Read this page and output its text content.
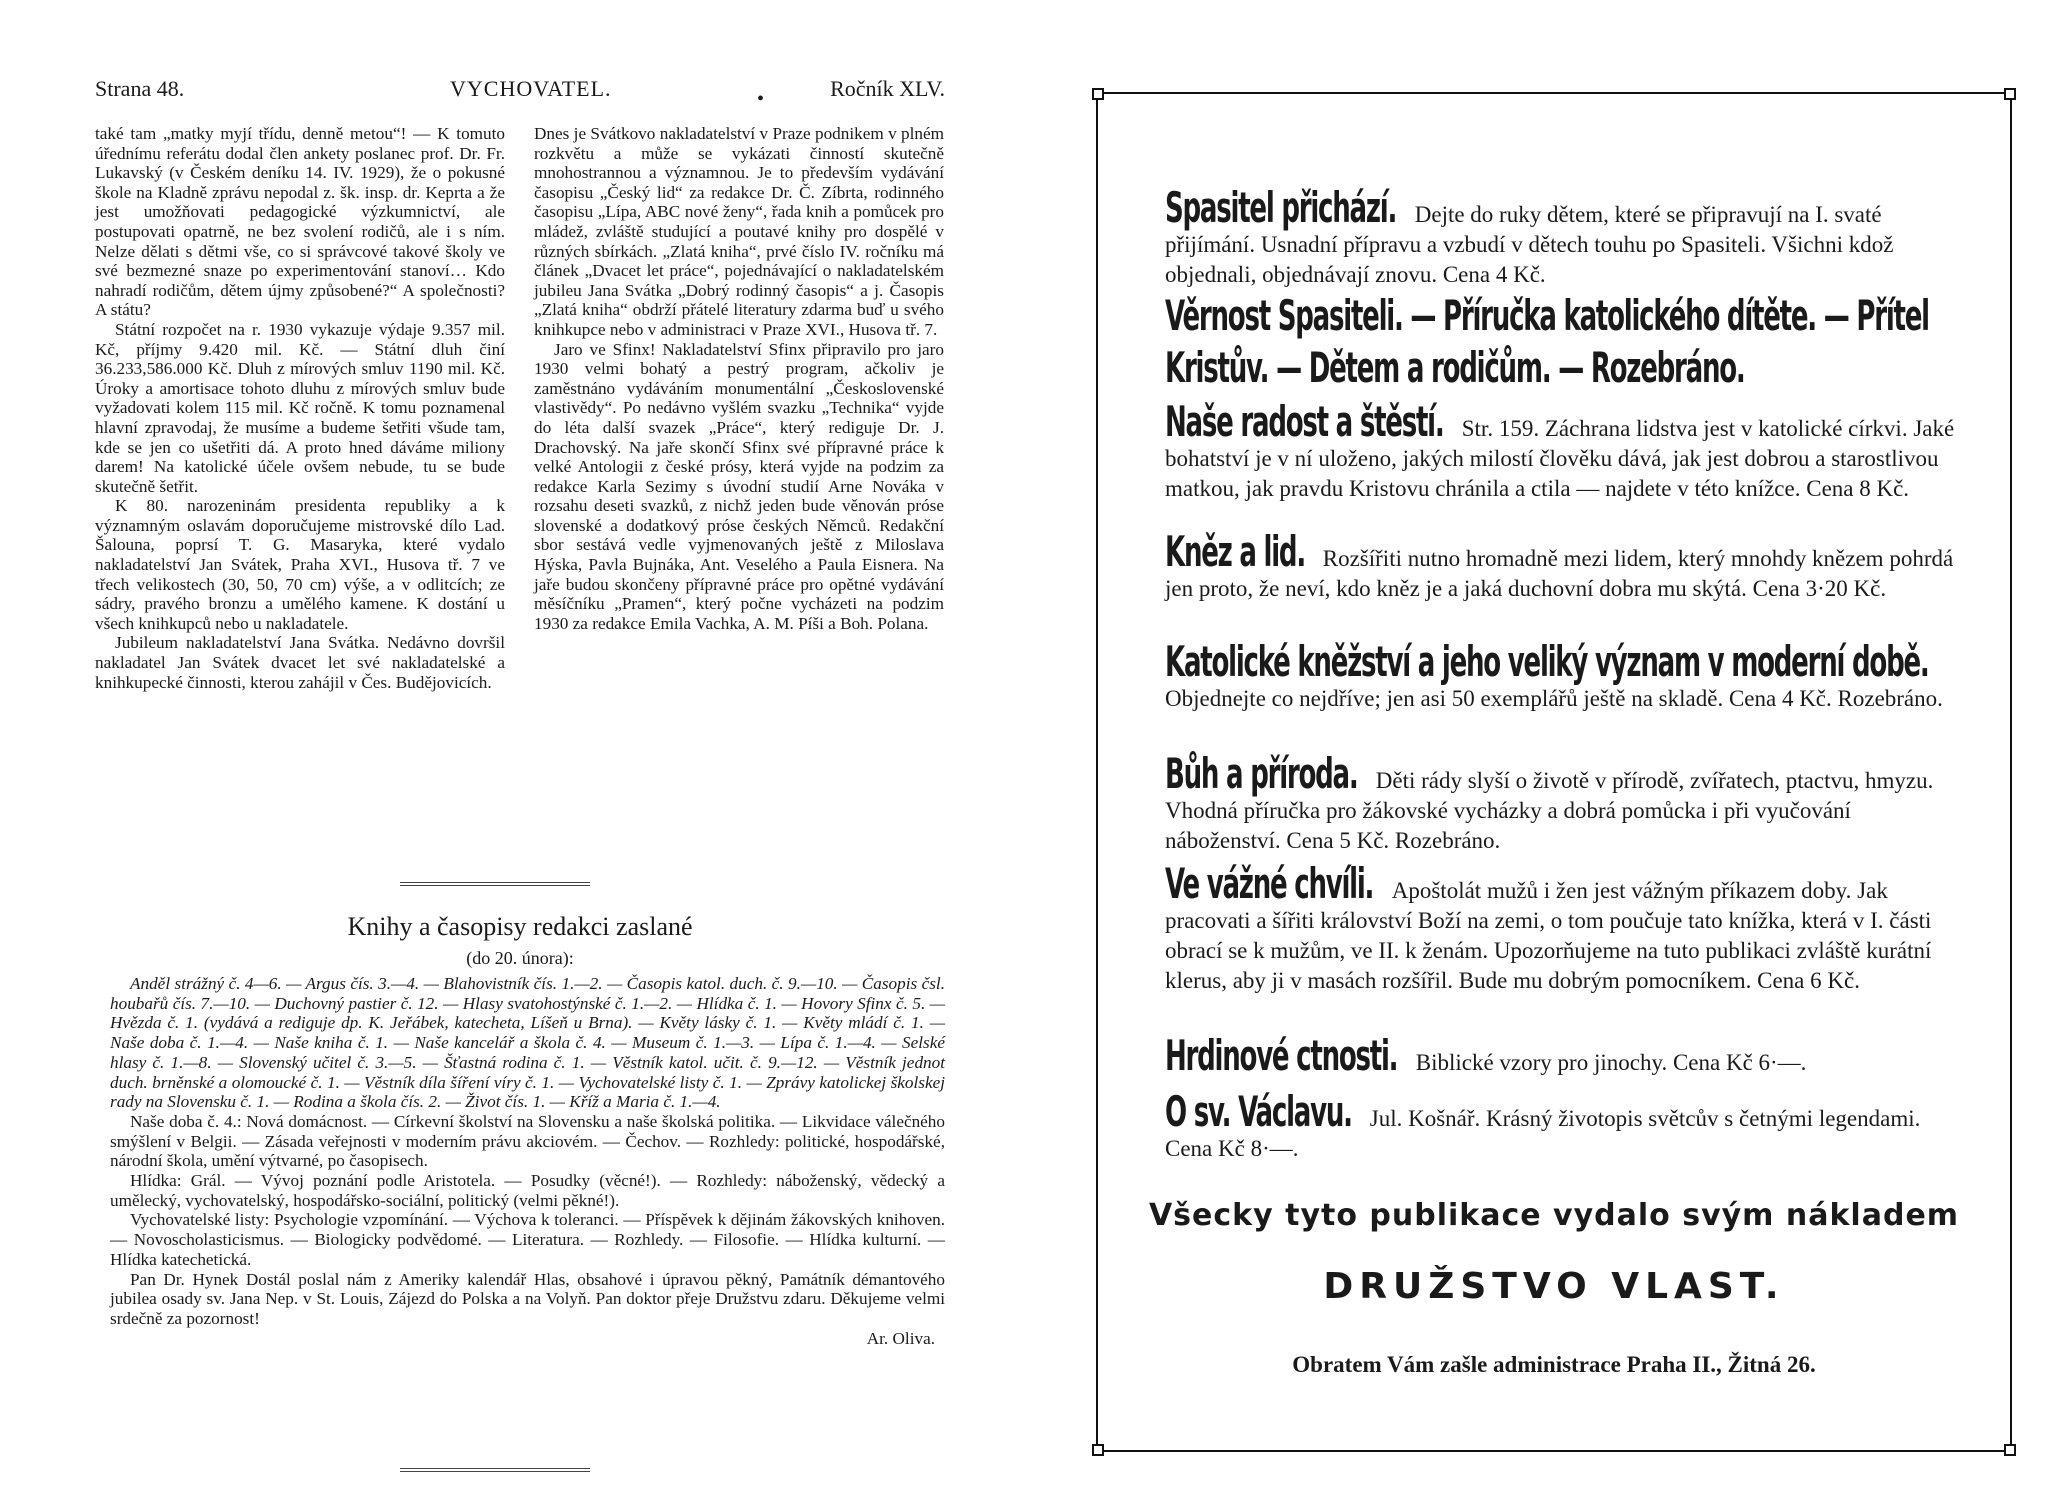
Strana 48.	VYCHOVATEL.	•	Ročník XLV.

také tam „matky myjí třídu, denně metou“! — K tomuto úřednímu referátu dodal člen ankety poslanec prof. Dr. Fr. Lukavský (v Českém deníku 14. IV. 1929), že o pokusné škole na Kladně zprávu nepodal z. šk. insp. dr. Keprta a že jest umožňovati pedagogické výzkumnictví, ale postupovati opatrně, ne bez svolení rodičů, ale i s ním. Nelze dělati s dětmi vše, co si správcové takové školy ve své bezmezné snaze po experimentování stanoví… Kdo nahradí rodičům, dětem újmy způsobené?“ A společnosti? A státu?

Státní rozpočet na r. 1930 vykazuje výdaje 9.357 mil. Kč, příjmy 9.420 mil. Kč. — Státní dluh činí 36.233,586.000 Kč. Dluh z mírových smluv 1190 mil. Kč. Úroky a amortisace tohoto dluhu z mírových smluv bude vyžadovati kolem 115 mil. Kč ročně. K tomu poznamenal hlavní zpravodaj, že musíme a budeme šetřiti všude tam, kde se jen co ušetřiti dá. A proto hned dáváme miliony darem! Na katolické účele ovšem nebude, tu se bude skutečně šetřit.

K 80. narozeninám presidenta republiky a k významným oslavám doporučujeme mistrovské dílo Lad. Šalouna, poprsí T. G. Masaryka, které vydalo nakladatelství Jan Svátek, Praha XVI., Husova tř. 7 ve třech velikostech (30, 50, 70 cm) výše, a v odlitcích; ze sádry, pravého bronzu a umělého kamene. K dostání u všech knihkupců nebo u nakladatele.

Jubileum nakladatelství Jana Svátka. Nedávno dovršil nakladatel Jan Svátek dvacet let své nakladatelské a knihkupecké činnosti, kterou zahájil v Čes. Budějovicích.

Dnes je Svátkovo nakladatelství v Praze podnikem v plném rozkvětu a může se vykázati činností skutečně mnohostrannou a významnou. Je to především vydávání časopisu „Český lid“ za redakce Dr. Č. Zíbrta, rodinného časopisu „Lípa, ABC nové ženy“, řada knih a pomůcek pro mládež, zvláště studující a poutavé knihy pro dospělé v různých sbírkách. „Zlatá kniha“, prvé číslo IV. ročníku má článek „Dvacet let práce“, pojednávající o nakladatelském jubileu Jana Svátka „Dobrý rodinný časopis“ a j. Časopis „Zlatá kniha“ obdrží přátelé literatury zdarma buď u svého knihkupce nebo v administraci v Praze XVI., Husova tř. 7.

Jaro ve Sfinx! Nakladatelství Sfinx připravilo pro jaro 1930 velmi bohatý a pestrý program, ačkoliv je zaměstnáno vydáváním monumentální „Československé vlastivědy“. Po nedávno vyšlém svazku „Technika“ vyjde do léta další svazek „Práce“, který rediguje Dr. J. Drachovský. Na jaře skončí Sfinx své přípravné práce k velké Antologii z české prósy, která vyjde na podzim za redakce Karla Sezimy s úvodní studií Arne Nováka v rozsahu deseti svazků, z nichž jeden bude věnován próse slovenské a dodatkový próse českých Němců. Redakční sbor sestává vedle vyjmenovaných ještě z Miloslava Hýska, Pavla Bujnáka, Ant. Veselého a Paula Eisnera. Na jaře budou skončeny přípravné práce pro opětné vydávání měsíčníku „Pramen“, který počne vycházeti na podzim 1930 za redakce Emila Vachka, A. M. Píši a Boh. Polana.

Knihy a časopisy redakci zaslané
(do 20. února):

Anděl strážný č. 4—6. — Argus čís. 3.—4. — Blahovistník čís. 1.—2. — Časopis katol. duch. č. 9.—10. — Časopis čsl. houbařů čís. 7.—10. — Duchovný pastier č. 12. — Hlasy svatohostýnské č. 1.—2. — Hlídka č. 1. — Hovory Sfinx č. 5. — Hvězda č. 1. (vydává a rediguje dp. K. Jeřábek, katecheta, Líšeň u Brna). — Květy lásky č. 1. — Květy mládí č. 1. — Naše doba č. 1.—4. — Naše kniha č. 1. — Naše kancelář a škola č. 4. — Museum č. 1.—3. — Lípa č. 1.—4. — Selské hlasy č. 1.—8. — Slovenský učitel č. 3.—5. — Šťastná rodina č. 1. — Věstník katol. učit. č. 9.—12. — Věstník jednot duch. brněnské a olomoucké č. 1. — Věstník díla šíření víry č. 1. — Vychovatelské listy č. 1. — Zprávy katolickej školskej rady na Slovensku č. 1. — Rodina a škola čís. 2. — Život čís. 1. — Kříž a Maria č. 1.—4.

Naše doba č. 4.: Nová domácnost. — Církevní školství na Slovensku a naše školská politika. — Likvidace válečného smýšlení v Belgii. — Zásada veřejnosti v moderním právu akciovém. — Čechov. — Rozhledy: politické, hospodářské, národní škola, umění výtvarné, po časopisech.

Hlídka: Grál. — Vývoj poznání podle Aristotela. — Posudky (věcné!). — Rozhledy: náboženský, vědecký a umělecký, vychovatelský, hospodářsko-sociální, politický (velmi pěkné!).

Vychovatelské listy: Psychologie vzpomínání. — Výchova k toleranci. — Příspěvek k dějinám žákovských knihoven. — Novoscholasticismus. — Biologicky podvědomé. — Literatura. — Rozhledy. — Filosofie. — Hlídka kulturní. — Hlídka katechetická.

Pan Dr. Hynek Dostál poslal nám z Ameriky kalendář Hlas, obsahové i úpravou pěkný, Památník démantového jubilea osady sv. Jana Nep. v St. Louis, Zájezd do Polska a na Volyň. Pan doktor přeje Družstvu zdaru. Děkujeme velmi srdečně za pozornost!

Ar. Oliva.

Spasitel přichází.

Dejte do ruky dětem, které se připravují na I. svaté přijímání. Usnadní přípravu a vzbudí v dětech touhu po Spasiteli. Všichni kdož objednali, objednávají znovu. Cena 4 Kč.

Věrnost Spasiteli. — Příručka katolického dítěte. — Přítel Kristův. — Dětem a rodičům. — Rozebráno.

Naše radost a štěstí.

Str. 159. Záchrana lidstva jest v katolické církvi. Jaké bohatství je v ní uloženo, jakých milostí člověku dává, jak jest dobrou a starostlivou matkou, jak pravdu Kristovu chránila a ctila — najdete v této knížce. Cena 8 Kč.

Kněz a lid.

Rozšířiti nutno hromadně mezi lidem, který mnohdy knězem pohrdá jen proto, že neví, kdo kněz je a jaká duchovní dobra mu skýtá. Cena 3·20 Kč.

Katolické kněžství a jeho veliký význam v moderní době.

Objednejte co nejdříve; jen asi 50 exemplářů ještě na skladě. Cena 4 Kč. Rozebráno.

Bůh a příroda.

Děti rády slyší o životě v přírodě, zvířatech, ptactvu, hmyzu. Vhodná příručka pro žákovské vycházky a dobrá pomůcka i při vyučování náboženství. Cena 5 Kč. Rozebráno.

Ve vážné chvíli.

Apoštolát mužů i žen jest vážným příkazem doby. Jak pracovati a šířiti království Boží na zemi, o tom poučuje tato knížka, která v I. části obrací se k mužům, ve II. k ženám. Upozorňujeme na tuto publikaci zvláště kurátní klerus, aby ji v masách rozšířil. Bude mu dobrým pomocníkem. Cena 6 Kč.

Hrdinové ctnosti.

Biblické vzory pro jinochy. Cena Kč 6·—.

O sv. Václavu.

Jul. Košnář. Krásný životopis světcův s četnými legendami. Cena Kč 8·—.

Všecky tyto publikace vydalo svým nákladem
DRUŽSTVO VLAST.
Obratem Vám zašle administrace Praha II., Žitná 26.
